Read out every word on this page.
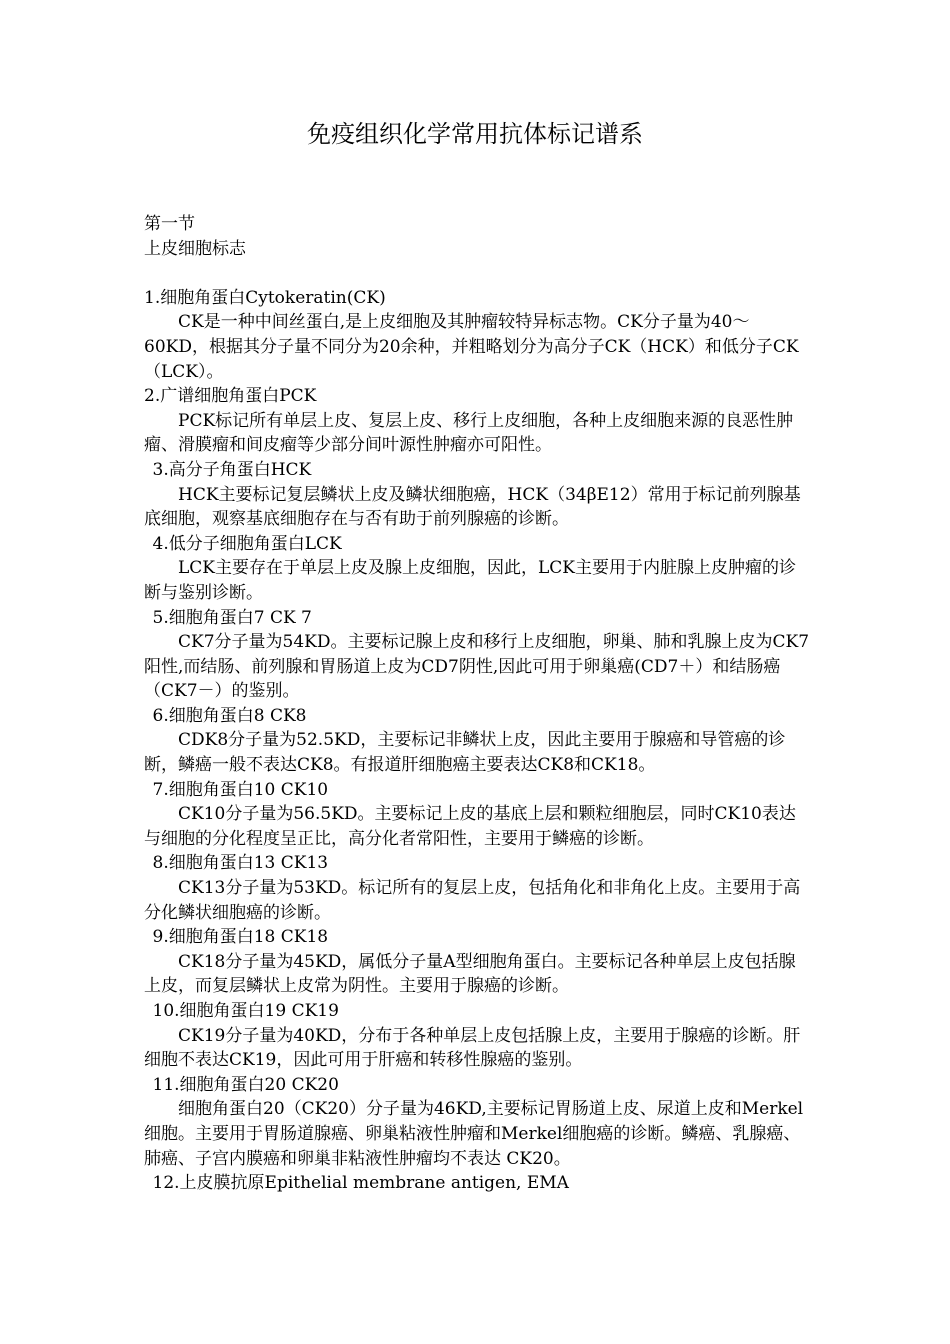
免疫组织化学常用抗体标记谱系

第一节

上皮细胞标志

1.细胞角蛋白Cytokeratin(CK)

CK是一种中间丝蛋白,是上皮细胞及其肿瘤较特异标志物。CK分子量为40～60KD，根据其分子量不同分为20余种，并粗略划分为高分子CK（HCK）和低分子CK（LCK）。

2.广谱细胞角蛋白PCK

PCK标记所有单层上皮、复层上皮、移行上皮细胞，各种上皮细胞来源的良恶性肿瘤、滑膜瘤和间皮瘤等少部分间叶源性肿瘤亦可阳性。

3.高分子角蛋白HCK

HCK主要标记复层鳞状上皮及鳞状细胞癌，HCK（34βE12）常用于标记前列腺基底细胞，观察基底细胞存在与否有助于前列腺癌的诊断。

4.低分子细胞角蛋白LCK

LCK主要存在于单层上皮及腺上皮细胞，因此，LCK主要用于内脏腺上皮肿瘤的诊断与鉴别诊断。

5.细胞角蛋白7 CK 7

CK7分子量为54KD。主要标记腺上皮和移行上皮细胞，卵巢、肺和乳腺上皮为CK7阳性,而结肠、前列腺和胃肠道上皮为CD7阴性,因此可用于卵巢癌(CD7＋）和结肠癌（CK7－）的鉴别。

6.细胞角蛋白8 CK8

CDK8分子量为52.5KD，主要标记非鳞状上皮，因此主要用于腺癌和导管癌的诊断，鳞癌一般不表达CK8。有报道肝细胞癌主要表达CK8和CK18。

7.细胞角蛋白10 CK10

CK10分子量为56.5KD。主要标记上皮的基底上层和颗粒细胞层，同时CK10表达与细胞的分化程度呈正比，高分化者常阳性，主要用于鳞癌的诊断。

8.细胞角蛋白13 CK13

CK13分子量为53KD。标记所有的复层上皮，包括角化和非角化上皮。主要用于高分化鳞状细胞癌的诊断。

9.细胞角蛋白18 CK18

CK18分子量为45KD，属低分子量A型细胞角蛋白。主要标记各种单层上皮包括腺上皮，而复层鳞状上皮常为阴性。主要用于腺癌的诊断。

10.细胞角蛋白19 CK19

CK19分子量为40KD，分布于各种单层上皮包括腺上皮，主要用于腺癌的诊断。肝细胞不表达CK19，因此可用于肝癌和转移性腺癌的鉴别。

11.细胞角蛋白20 CK20

细胞角蛋白20（CK20）分子量为46KD,主要标记胃肠道上皮、尿道上皮和Merkel细胞。主要用于胃肠道腺癌、卵巢粘液性肿瘤和Merkel细胞癌的诊断。鳞癌、乳腺癌、肺癌、子宫内膜癌和卵巢非粘液性肿瘤均不表达 CK20。

12.上皮膜抗原Epithelial membrane antigen, EMA
